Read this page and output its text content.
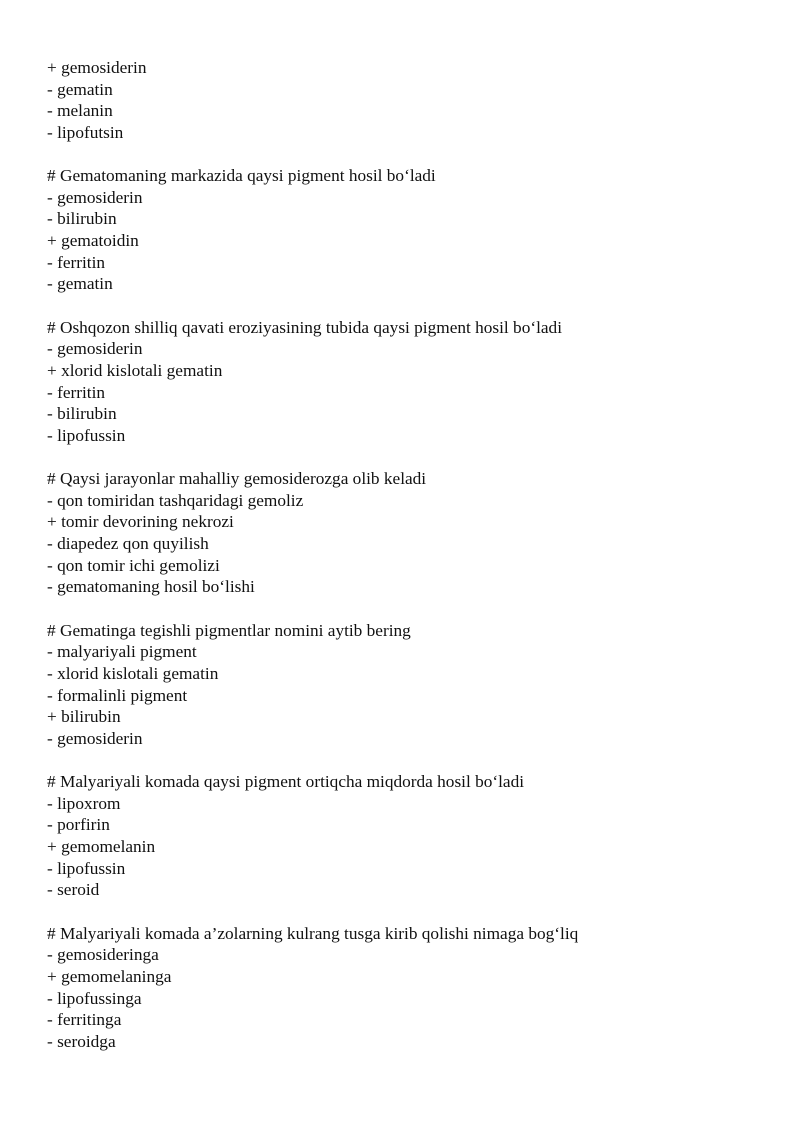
+ gemosiderin
- gematin
- melanin
- lipofutsin
# Gematomaning markazida qaysi pigment hosil bo‘ladi
- gemosiderin
- bilirubin
+ gematoidin
- ferritin
- gematin
# Oshqozon shilliq qavati eroziyasining tubida qaysi pigment hosil bo‘ladi
- gemosiderin
+ xlorid kislotali gematin
- ferritin
- bilirubin
- lipofussin
# Qaysi jarayonlar mahalliy gemosiderozga olib keladi
- qon tomiridan tashqaridagi gemoliz
+ tomir devorining nekrozi
- diapedez qon quyilish
- qon tomir ichi gemolizi
- gematomaning hosil bo‘lishi
# Gematinga tegishli pigmentlar nomini aytib bering
- malyariyali pigment
- xlorid kislotali gematin
- formalinli pigment
+ bilirubin
- gemosiderin
# Malyariyali komada qaysi pigment ortiqcha miqdorda hosil bo‘ladi
- lipoxrom
- porfirin
+ gemomelanin
- lipofussin
- seroid
# Malyariyali komada a’zolarning kulrang tusga kirib qolishi nimaga bog‘liq
- gemosideringa
+ gemomelaninga
- lipofussinga
- ferritinga
- seroidga
